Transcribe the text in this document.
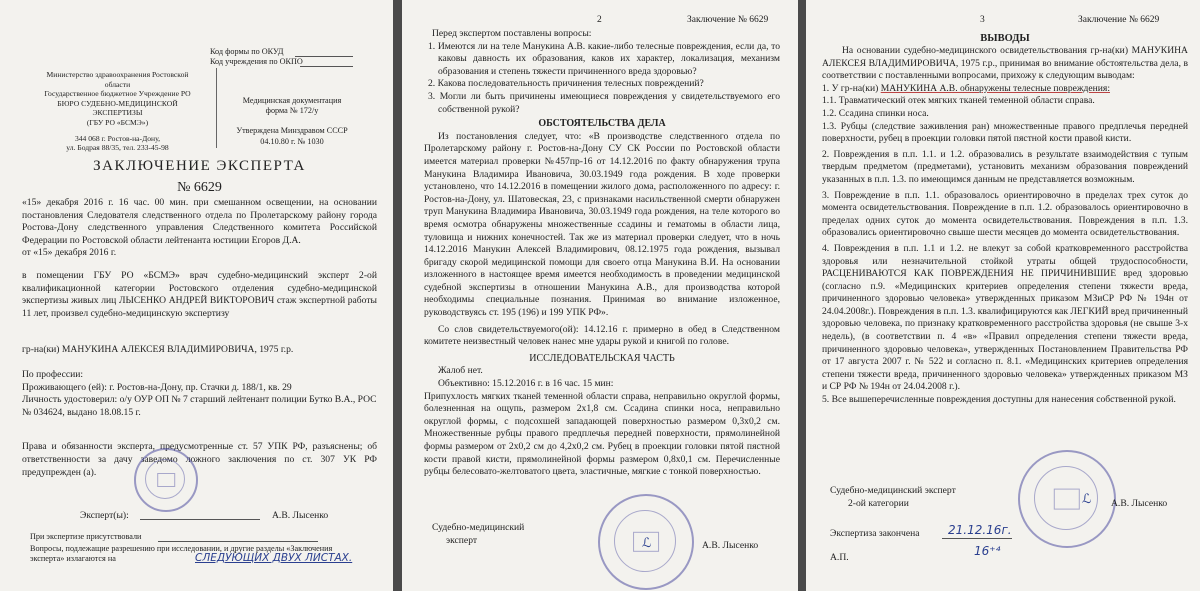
Код формы по ОКУД
Код учреждения по ОКПО
Министерство здравоохранения Ростовской
области
Государственное бюджетное Учреждение РО
БЮРО СУДЕБНО-МЕДИЦИНСКОЙ
ЭКСПЕРТИЗЫ
(ГБУ РО «БСМЭ»)
344 068 г. Ростов-на-Дону,
ул. Бодрая 88/35, тел. 233-45-98
Медицинская документация
форма № 172/у
Утверждена Минздравом СССР
04.10.80 г. № 1030
ЗАКЛЮЧЕНИЕ ЭКСПЕРТА
№ 6629

«15» декабря 2016 г. 16 час. 00 мин. при смешанном освещении, на основании постановления Следователя следственного отдела по Пролетарскому району города Ростова-Дону следственного управления Следственного комитета Российской Федерации по Ростовской области лейтенанта юстиции Егоров Д.А.

от «15» декабря 2016 г.

в помещении ГБУ РО «БСМЭ» врач судебно-медицинский эксперт 2-ой квалификационной категории Ростовского отделения судебно-медицинской экспертизы живых лиц ЛЫСЕНКО АНДРЕЙ ВИКТОРОВИЧ стаж экспертной работы 11 лет, произвел судебно-медицинскую экспертизу

гр-на(ки) МАНУКИНА АЛЕКСЕЯ ВЛАДИМИРОВИЧА, 1975 г.р.

По профессии:

Проживающего (ей): г. Ростов-на-Дону, пр. Стачки д. 188/1, кв. 29

Личность удостоверил: о/у ОУР ОП № 7 старший лейтенант полиции Бутко В.А., РОС № 034624, выдано 18.08.15 г.

Права и обязанности эксперта, предусмотренные ст. 57 УПК РФ, разъяснены; об ответственности за дачу заведомо ложного заключения по ст. 307 УК РФ предупрежден (а).

Эксперт(ы):	А.В. Лысенко
При экспертизе присутствовали
Вопросы, подлежащие разрешению при исследовании, и другие разделы «Заключения эксперта» излагаются на	СЛЕДУЮЩИХ ДВУХ ЛИСТАХ.
2	Заключение № 6629

Перед экспертом поставлены вопросы:

1. Имеются ли на теле Манукина А.В. какие-либо телесные повреждения, если да, то каковы давность их образования, каков их характер, локализация, механизм образования и степень тяжести причиненного вреда здоровью?

2. Какова последовательность причинения телесных повреждений?

3. Могли ли быть причинены имеющиеся повреждения у свидетельствуемого его собственной рукой?

ОБСТОЯТЕЛЬСТВА ДЕЛА

Из постановления следует, что: «В производстве следственного отдела по Пролетарскому району г. Ростов-на-Дону СУ СК России по Ростовской области имеется материал проверки №457пр-16 от 14.12.2016 по факту обнаружения трупа Манукина Владимира Ивановича, 30.03.1949 года рождения. В ходе проверки установлено, что 14.12.2016 в помещении жилого дома, расположенного по адресу: г. Ростов-на-Дону, ул. Шатовеская, 23, с признаками насильственной смерти обнаружен труп Манукина Владимира Ивановича, 30.03.1949 года рождения, на теле которого во время осмотра обнаружены множественные ссадины и гематомы в области лица, туловища и нижних конечностей. Так же из материал проверки следует, что в ночь 14.12.2016 Манукин Алексей Владимирович, 08.12.1975 года рождения, вызывал бригаду скорой медицинской помощи для своего отца Манукина В.И. На основании изложенного в настоящее время имеется необходимость в проведении медицинской судебной экспертизы в отношении Манукина А.В., для производства которой необходимы специальные познания. Принимая во внимание изложенное, руководствуясь ст. 195 (196) и 199 УПК РФ».

Со слов свидетельствуемого(ой): 14.12.16 г. примерно в обед в Следственном комитете неизвестный человек нанес мне удары рукой и книгой по голове.

ИССЛЕДОВАТЕЛЬСКАЯ ЧАСТЬ

Жалоб нет.

Объективно: 15.12.2016 г. в 16 час. 15 мин:

Припухлость мягких тканей теменной области справа, неправильно округлой формы, болезненная на ощупь, размером 2х1,8 см. Ссадина спинки носа, неправильно округлой формы, с подсохшей западающей поверхностью размером 0,3х0,2 см. Множественные рубцы правого предплечья передней поверхности, прямолинейной формы размером от 2х0,2 см до 4,2х0,2 см. Рубец в проекции головки пятой пястной кости правой кисти, прямолинейной формы размером 0,8х0,1 см. Перечисленные рубцы белесовато-желтоватого цвета, эластичные, мягкие с тонкой поверхностью.

Судебно-медицинский
эксперт	ℒ	А.В. Лысенко
3	Заключение № 6629

ВЫВОДЫ

На основании судебно-медицинского освидетельствования гр-на(ки) МАНУКИНА АЛЕКСЕЯ ВЛАДИМИРОВИЧА, 1975 г.р., принимая во внимание обстоятельства дела, в соответствии с поставленными вопросами, прихожу к следующим выводам:

1. У гр-на(ки) МАНУКИНА А.В. обнаружены телесные повреждения:

1.1. Травматический отек мягких тканей теменной области справа.

1.2. Ссадина спинки носа.

1.3. Рубцы (следствие заживления ран) множественные правого предплечья передней поверхности, рубец в проекции головки пятой пястной кости правой кисти.

2. Повреждения в п.п. 1.1. и 1.2. образовались в результате взаимодействия с тупым твердым предметом (предметами), установить механизм образования повреждений указанных в п.п. 1.3. по имеющимся данным не представляется возможным.

3. Повреждение в п.п. 1.1. образовалось ориентировочно в пределах трех суток до момента освидетельствования. Повреждение в п.п. 1.2. образовалось ориентировочно в пределах одних суток до момента освидетельствования. Повреждения в п.п. 1.3. образовались ориентировочно свыше шести месяцев до момента освидетельствования.

4. Повреждения в п.п. 1.1 и 1.2. не влекут за собой кратковременного расстройства здоровья или незначительной стойкой утраты общей трудоспособности, РАСЦЕНИВАЮТСЯ КАК ПОВРЕЖДЕНИЯ НЕ ПРИЧИНИВШИЕ вред здоровью (согласно п.9. «Медицинских критериев определения степени тяжести вреда, причиненного здоровью человека» утвержденных приказом МЗиСР РФ № 194н от 24.04.2008г.). Повреждения в п.п. 1.3. квалифицируются как ЛЕГКИЙ вред причиненный здоровью человека, по признаку кратковременного расстройства здоровья (не свыше 3-х недель), (в соответствии п. 4 «в» «Правил определения степени тяжести вреда, причиненного здоровью человека», утвержденных Постановлением Правительства РФ от 17 августа 2007 г. № 522 и согласно п. 8.1. «Медицинских критериев определения степени тяжести вреда, причиненного здоровью человека» утвержденных приказом МЗ и СР РФ № 194н от 24.04.2008 г.).

5. Все вышеперечисленные повреждения доступны для нанесения собственной рукой.

Судебно-медицинский эксперт
2-ой категории	ℒ А.В. Лысенко
Экспертиза закончена 21.12.16г.
А.П.	16⁺⁴
